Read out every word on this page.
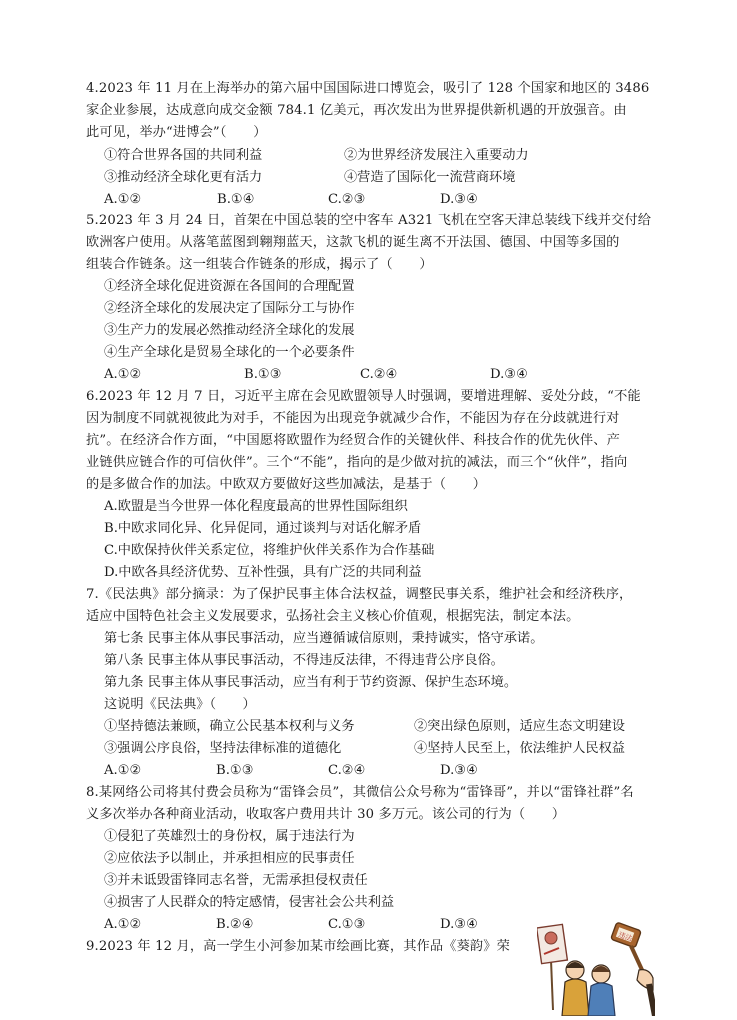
4.2023 年 11 月在上海举办的第六届中国国际进口博览会，吸引了 128 个国家和地区的 3486
家企业参展，达成意向成交金额 784.1 亿美元，再次发出为世界提供新机遇的开放强音。由
此可见，举办“进博会”（　　）
①符合世界各国的共同利益	②为世界经济发展注入重要动力
③推动经济全球化更有活力	④营造了国际化一流营商环境
A.①②	B.①④	C.②③	D.③④
5.2023 年 3 月 24 日，首架在中国总装的空中客车 A321 飞机在空客天津总装线下线并交付给
欧洲客户使用。从落笔蓝图到翱翔蓝天，这款飞机的诞生离不开法国、德国、中国等多国的
组装合作链条。这一组装合作链条的形成，揭示了（　　）
①经济全球化促进资源在各国间的合理配置
②经济全球化的发展决定了国际分工与协作
③生产力的发展必然推动经济全球化的发展
④生产全球化是贸易全球化的一个必要条件
A.①②	B.①③	C.②④	D.③④
6.2023 年 12 月 7 日，习近平主席在会见欧盟领导人时强调，要增进理解、妥处分歧，“不能
因为制度不同就视彼此为对手，不能因为出现竞争就减少合作，不能因为存在分歧就进行对
抗”。在经济合作方面，“中国愿将欧盟作为经贸合作的关键伙伴、科技合作的优先伙伴、产
业链供应链合作的可信伙伴”。三个“不能”，指向的是少做对抗的减法，而三个“伙伴”，指向
的是多做合作的加法。中欧双方要做好这些加减法，是基于（　　）
A.欧盟是当今世界一体化程度最高的世界性国际组织
B.中欧求同化异、化异促同，通过谈判与对话化解矛盾
C.中欧保持伙伴关系定位，将维护伙伴关系作为合作基础
D.中欧各具经济优势、互补性强，具有广泛的共同利益
7.《民法典》部分摘录：为了保护民事主体合法权益，调整民事关系，维护社会和经济秩序，
适应中国特色社会主义发展要求，弘扬社会主义核心价值观，根据宪法，制定本法。
第七条 民事主体从事民事活动，应当遵循诚信原则，秉持诚实，恪守承诺。
第八条 民事主体从事民事活动，不得违反法律，不得违背公序良俗。
第九条 民事主体从事民事活动，应当有利于节约资源、保护生态环境。
这说明《民法典》（　　）
①坚持德法兼顾，确立公民基本权利与义务	②突出绿色原则，适应生态文明建设
③强调公序良俗，坚持法律标准的道德化	④坚持人民至上，依法维护人民权益
A.①②	B.①③	C.②④	D.③④
8.某网络公司将其付费会员称为“雷锋会员”，其微信公众号称为“雷锋哥”，并以“雷锋社群”名
义多次举办各种商业活动，收取客户费用共计 30 多万元。该公司的行为（　　）
①侵犯了英雄烈士的身份权，属于违法行为
②应依法予以制止，并承担相应的民事责任
③并未诋毁雷锋同志名誉，无需承担侵权责任
④损害了人民群众的特定感情，侵害社会公共利益
A.①②	B.②④	C.①③	D.③④
9.2023 年 12 月，高一学生小河参加某市绘画比赛，其作品《葵韵》荣
违法
